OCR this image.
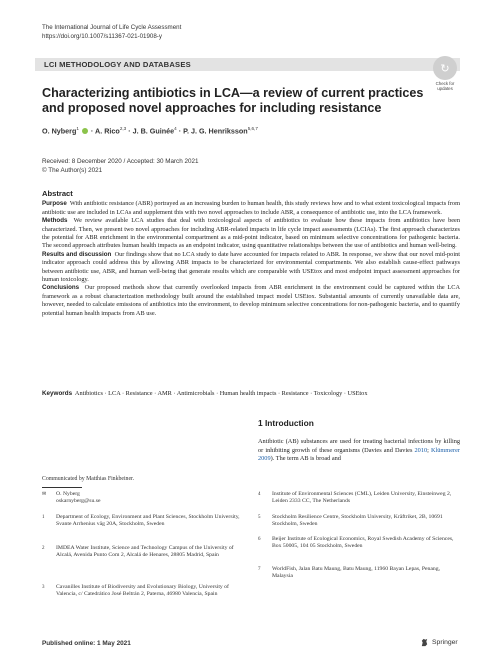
The International Journal of Life Cycle Assessment
https://doi.org/10.1007/s11367-021-01908-y
LCI METHODOLOGY AND DATABASES	↻
Check for
updates
Characterizing antibiotics in LCA—a review of current practices and proposed novel approaches for including resistance
O. Nyberg$^1$  · A. Rico$^{2,3}$ · J. B. Guinée$^4$ · P. J. G. Henriksson$^{5,6,7}$
Received: 8 December 2020 / Accepted: 30 March 2021
© The Author(s) 2021
Abstract

Purpose With antibiotic resistance (ABR) portrayed as an increasing burden to human health, this study reviews how and to what extent toxicological impacts from antibiotic use are included in LCAs and supplement this with two novel approaches to include ABR, a consequence of antibiotic use, into the LCA framework.

Methods We review available LCA studies that deal with toxicological aspects of antibiotics to evaluate how these impacts from antibiotics have been characterized. Then, we present two novel approaches for including ABR-related impacts in life cycle impact assessments (LCIAs). The first approach characterizes the potential for ABR enrichment in the environmental compartment as a mid-point indicator, based on minimum selective concentrations for pathogenic bacteria. The second approach attributes human health impacts as an endpoint indicator, using quantitative relationships between the use of antibiotics and human well-being.

Results and discussion Our findings show that no LCA study to date have accounted for impacts related to ABR. In response, we show that our novel mid-point indicator approach could address this by allowing ABR impacts to be characterized for environmental compartments. We also establish cause-effect pathways between antibiotic use, ABR, and human well-being that generate results which are comparable with USEtox and most endpoint impact assessment approaches for human toxicology.

Conclusions Our proposed methods show that currently overlooked impacts from ABR enrichment in the environment could be captured within the LCA framework as a robust characterization methodology built around the established impact model USEtox. Substantial amounts of currently unavailable data are, however, needed to calculate emissions of antibiotics into the environment, to develop minimum selective concentrations for non-pathogenic bacteria, and to quantify potential human health impacts from AB use.

Keywords Antibiotics · LCA · Resistance · AMR · Antimicrobials · Human health impacts · Resistance · Toxicology · USEtox
1 Introduction
Antibiotic (AB) substances are used for treating bacterial infections by killing or inhibiting growth of these organisms (Davies and Davies 2010; Klümmerer 2009). The term AB is broad and
Communicated by Matthias Finkbeiner.
✉ O. Nyberg
oskarnyberg@su.se
1 Department of Ecology, Environment and Plant Sciences, Stockholm University, Svante Arrhenius väg 20A, Stockholm, Sweden
2 IMDEA Water Institute, Science and Technology Campus of the University of Alcalá, Avenida Punto Com 2, Alcalá de Henares, 28805 Madrid, Spain
3 Cavanilles Institute of Biodiversity and Evolutionary Biology, University of Valencia, c/ Catedrático José Beltrán 2, Paterna, 46980 Valencia, Spain
4 Institute of Environmental Sciences (CML), Leiden University, Einsteinweg 2, Leiden 2333 CC, The Netherlands
5 Stockholm Resilience Centre, Stockholm University, Kräftriket, 2B, 10691 Stockholm, Sweden
6 Beijer Institute of Ecological Economics, Royal Swedish Academy of Sciences, Box 50005, 104 05 Stockholm, Sweden
7 WorldFish, Jalan Batu Maung, Batu Maung, 11960 Bayan Lepas, Penang, Malaysia
Published online: 1 May 2021	Springer
